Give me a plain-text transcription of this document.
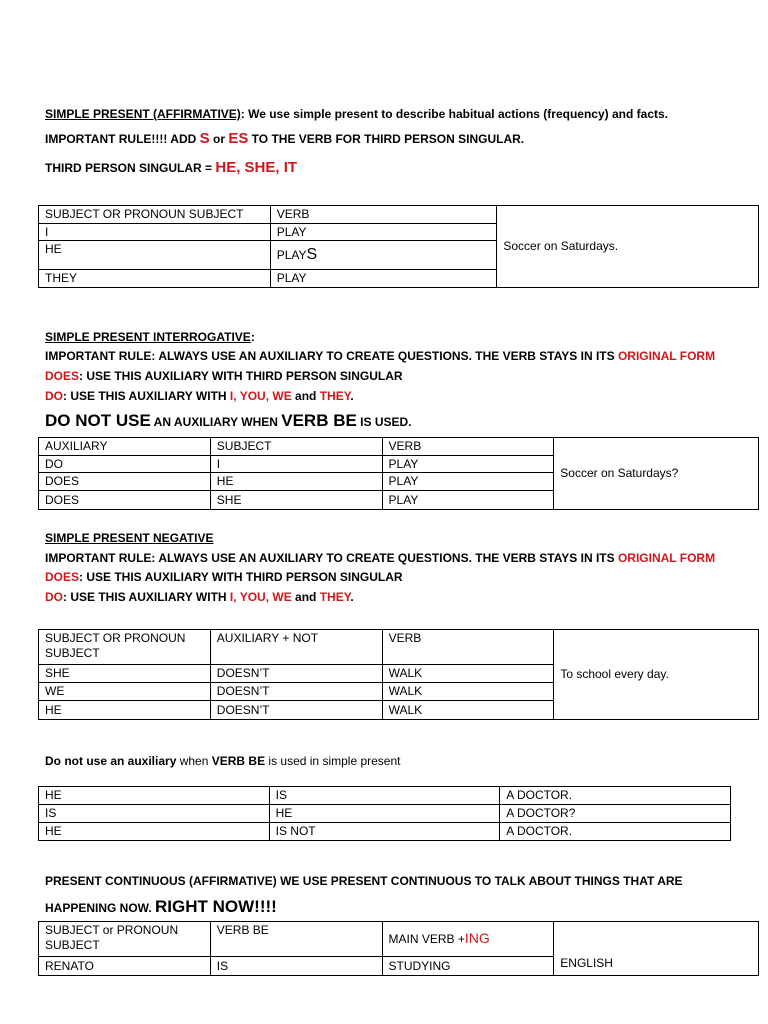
SIMPLE PRESENT (AFFIRMATIVE): We use simple present to describe habitual actions (frequency) and facts.
IMPORTANT RULE!!!! ADD S or ES TO THE VERB FOR THIRD PERSON SINGULAR.
THIRD PERSON SINGULAR = HE, SHE, IT
SUBJECT OR PRONOUN SUBJECT	VERB	Soccer on Saturdays.
I	PLAY	
HE	PLAYS	
THEY	PLAY	
SIMPLE PRESENT INTERROGATIVE:
IMPORTANT RULE: ALWAYS USE AN AUXILIARY TO CREATE QUESTIONS. THE VERB STAYS IN ITS ORIGINAL FORM
DOES: USE THIS AUXILIARY WITH THIRD PERSON SINGULAR
DO: USE THIS AUXILIARY WITH I, YOU, WE and THEY.
DO NOT USE AN AUXILIARY WHEN VERB BE IS USED.
AUXILIARY	SUBJECT	VERB	Soccer on Saturdays?
DO	I	PLAY	
DOES	HE	PLAY	
DOES	SHE	PLAY	
SIMPLE PRESENT NEGATIVE
IMPORTANT RULE: ALWAYS USE AN AUXILIARY TO CREATE QUESTIONS. THE VERB STAYS IN ITS ORIGINAL FORM
DOES: USE THIS AUXILIARY WITH THIRD PERSON SINGULAR
DO: USE THIS AUXILIARY WITH I, YOU, WE and THEY.
SUBJECT OR PRONOUN
SUBJECT	AUXILIARY + NOT	VERB	To school every day.
SHE	DOESN’T	WALK	
WE	DOESN’T	WALK	
HE	DOESN’T	WALK	
Do not use an auxiliary when VERB BE is used in simple present
HE	IS	A DOCTOR.
IS	HE	A DOCTOR?
HE	IS NOT	A DOCTOR.
PRESENT CONTINUOUS (AFFIRMATIVE) WE USE PRESENT CONTINUOUS TO TALK ABOUT THINGS THAT ARE
HAPPENING NOW. RIGHT NOW!!!!
SUBJECT or PRONOUN
SUBJECT	VERB BE	MAIN VERB +ING	ENGLISH
RENATO	IS	STUDYING	
